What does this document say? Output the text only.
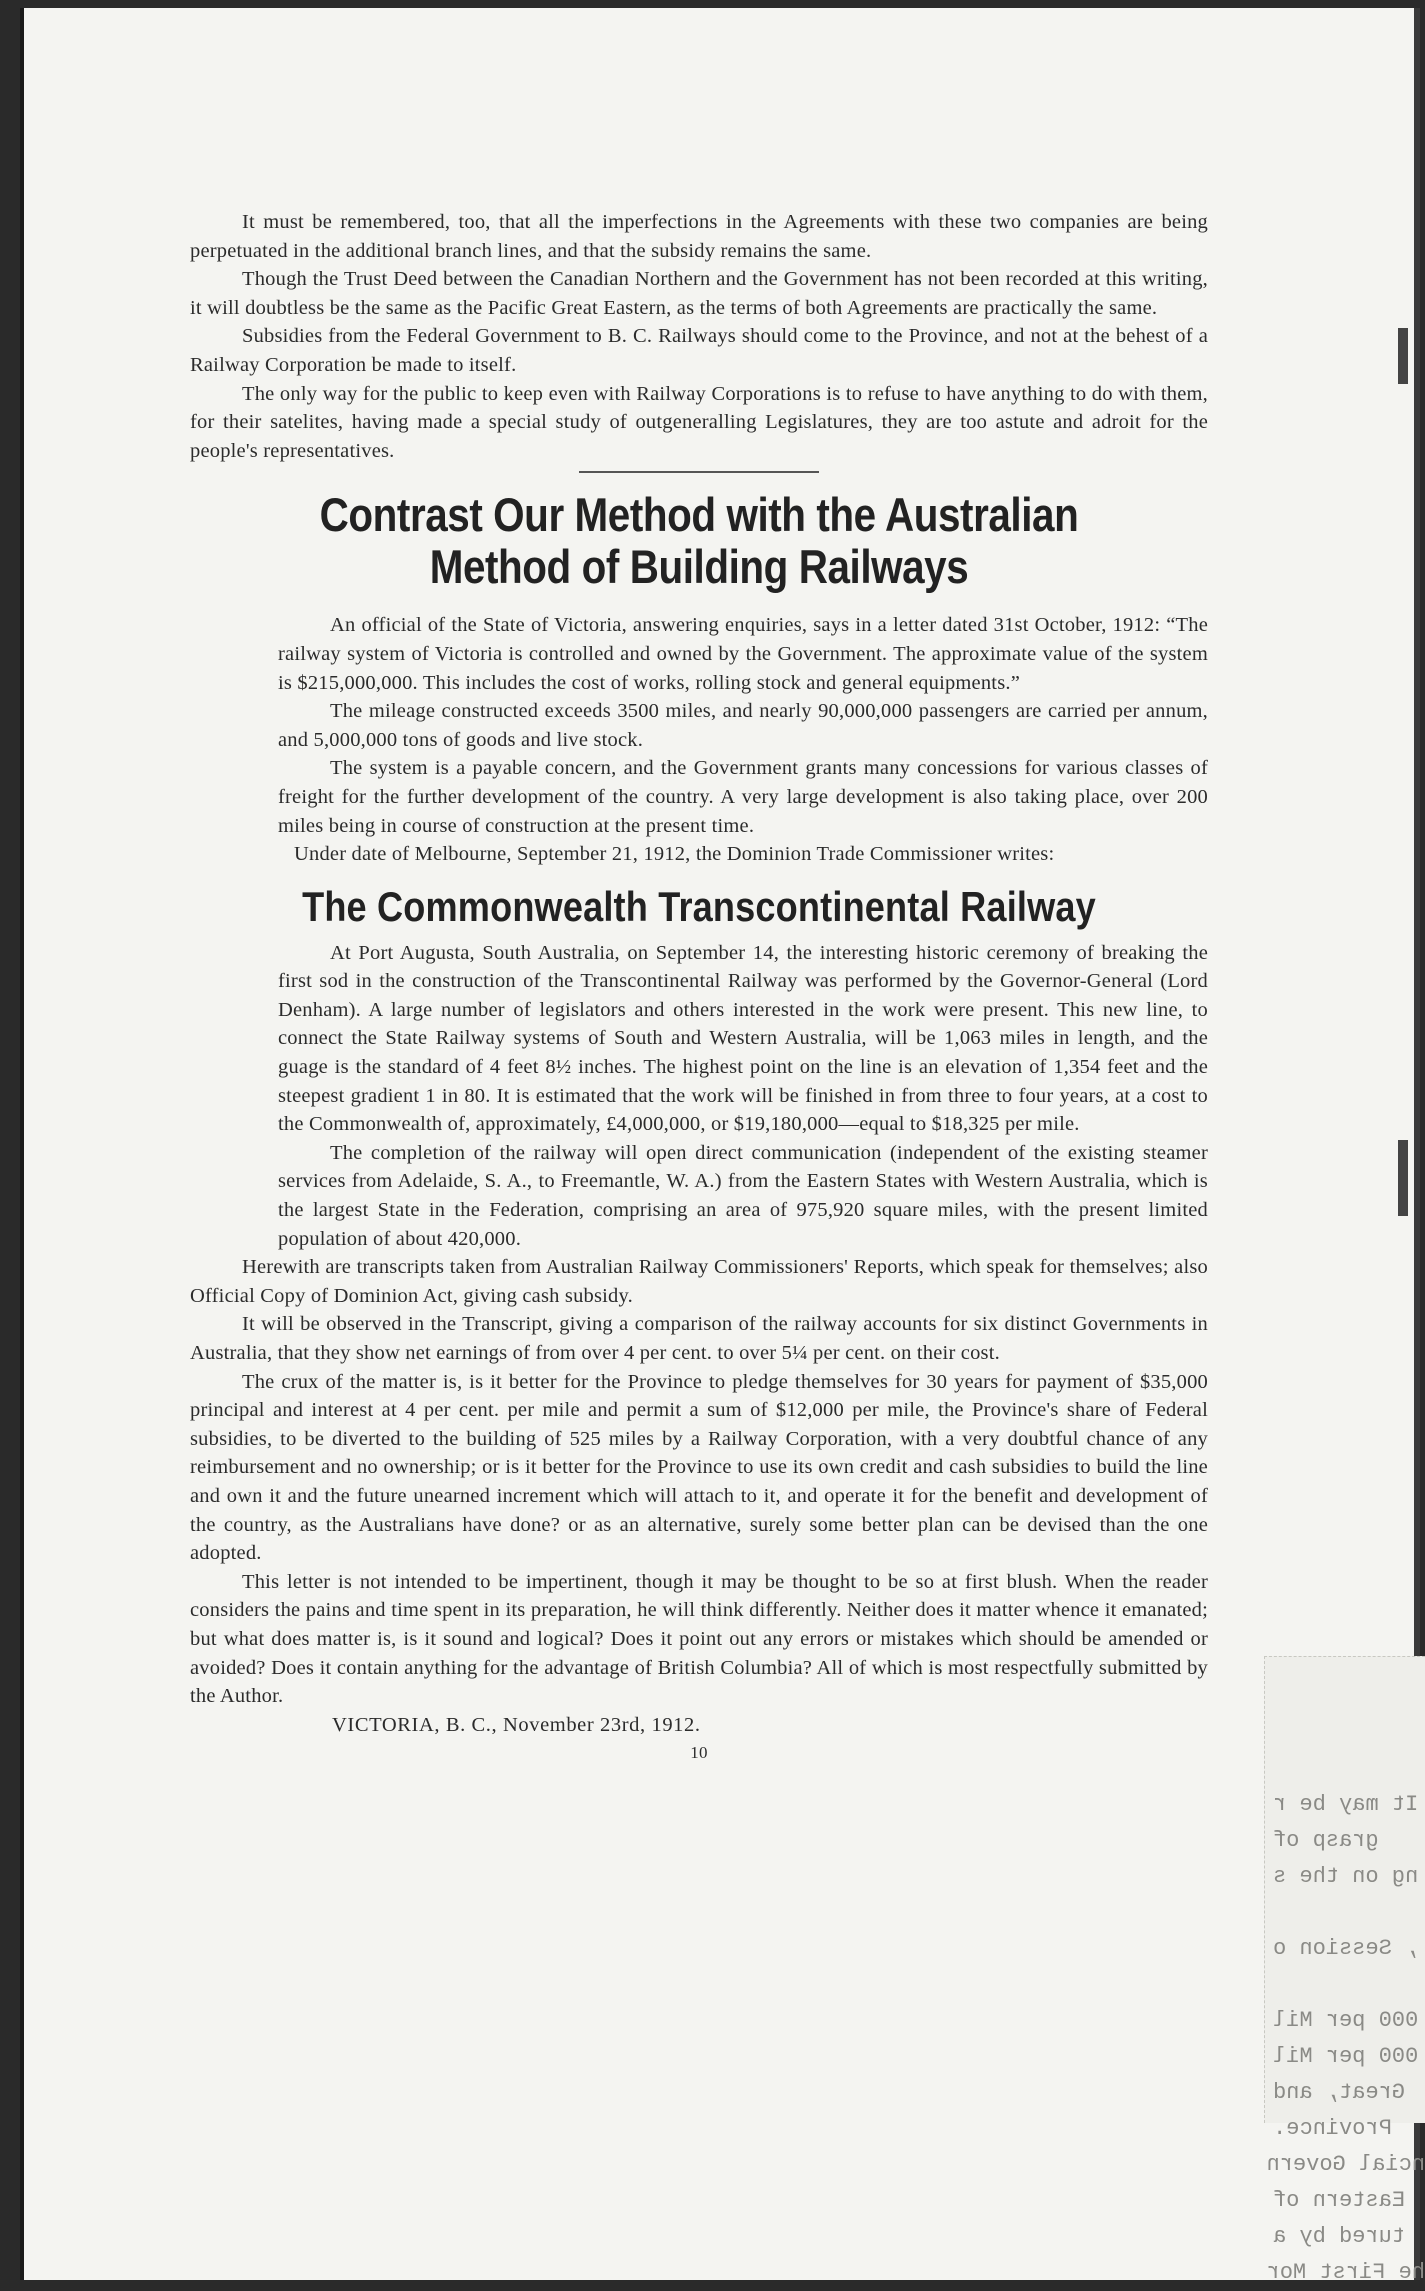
It may be r
grasp of
ng on the s

, Session o

000 per Mil
000 per Mil
Great, and
Province.
ncial Govern
Eastern of
tured by a
he First Mor

It must be remembered, too, that all the imperfections in the Agreements with these two companies are being perpetuated in the additional branch lines, and that the subsidy remains the same.

Though the Trust Deed between the Canadian Northern and the Government has not been recorded at this writing, it will doubtless be the same as the Pacific Great Eastern, as the terms of both Agreements are practically the same.

Subsidies from the Federal Government to B. C. Railways should come to the Province, and not at the behest of a Railway Corporation be made to itself.

The only way for the public to keep even with Railway Corporations is to refuse to have anything to do with them, for their satelites, having made a special study of outgeneralling Legislatures, they are too astute and adroit for the people's representatives.

Contrast Our Method with the Australian Method of Building Railways

An official of the State of Victoria, answering enquiries, says in a letter dated 31st October, 1912: “The railway system of Victoria is controlled and owned by the Government. The approximate value of the system is $215,000,000. This includes the cost of works, rolling stock and general equipments.”

The mileage constructed exceeds 3500 miles, and nearly 90,000,000 passengers are carried per annum, and 5,000,000 tons of goods and live stock.

The system is a payable concern, and the Government grants many concessions for various classes of freight for the further development of the country. A very large development is also taking place, over 200 miles being in course of construction at the present time.

Under date of Melbourne, September 21, 1912, the Dominion Trade Commissioner writes:

The Commonwealth Transcontinental Railway

At Port Augusta, South Australia, on September 14, the interesting historic ceremony of breaking the first sod in the construction of the Transcontinental Railway was performed by the Governor-General (Lord Denham). A large number of legislators and others interested in the work were present. This new line, to connect the State Railway systems of South and Western Australia, will be 1,063 miles in length, and the guage is the standard of 4 feet 8½ inches. The highest point on the line is an elevation of 1,354 feet and the steepest gradient 1 in 80. It is estimated that the work will be finished in from three to four years, at a cost to the Commonwealth of, approximately, £4,000,000, or $19,180,000—equal to $18,325 per mile.

The completion of the railway will open direct communication (independent of the existing steamer services from Adelaide, S. A., to Freemantle, W. A.) from the Eastern States with Western Australia, which is the largest State in the Federation, comprising an area of 975,920 square miles, with the present limited population of about 420,000.

Herewith are transcripts taken from Australian Railway Commissioners' Reports, which speak for themselves; also Official Copy of Dominion Act, giving cash subsidy.

It will be observed in the Transcript, giving a comparison of the railway accounts for six distinct Governments in Australia, that they show net earnings of from over 4 per cent. to over 5¼ per cent. on their cost.

The crux of the matter is, is it better for the Province to pledge themselves for 30 years for payment of $35,000 principal and interest at 4 per cent. per mile and permit a sum of $12,000 per mile, the Province's share of Federal subsidies, to be diverted to the building of 525 miles by a Railway Corporation, with a very doubtful chance of any reimbursement and no ownership; or is it better for the Province to use its own credit and cash subsidies to build the line and own it and the future unearned increment which will attach to it, and operate it for the benefit and development of the country, as the Australians have done? or as an alternative, surely some better plan can be devised than the one adopted.

This letter is not intended to be impertinent, though it may be thought to be so at first blush. When the reader considers the pains and time spent in its preparation, he will think differently. Neither does it matter whence it emanated; but what does matter is, is it sound and logical? Does it point out any errors or mistakes which should be amended or avoided? Does it contain anything for the advantage of British Columbia? All of which is most respectfully submitted by the Author.

VICTORIA, B. C., November 23rd, 1912.

10
